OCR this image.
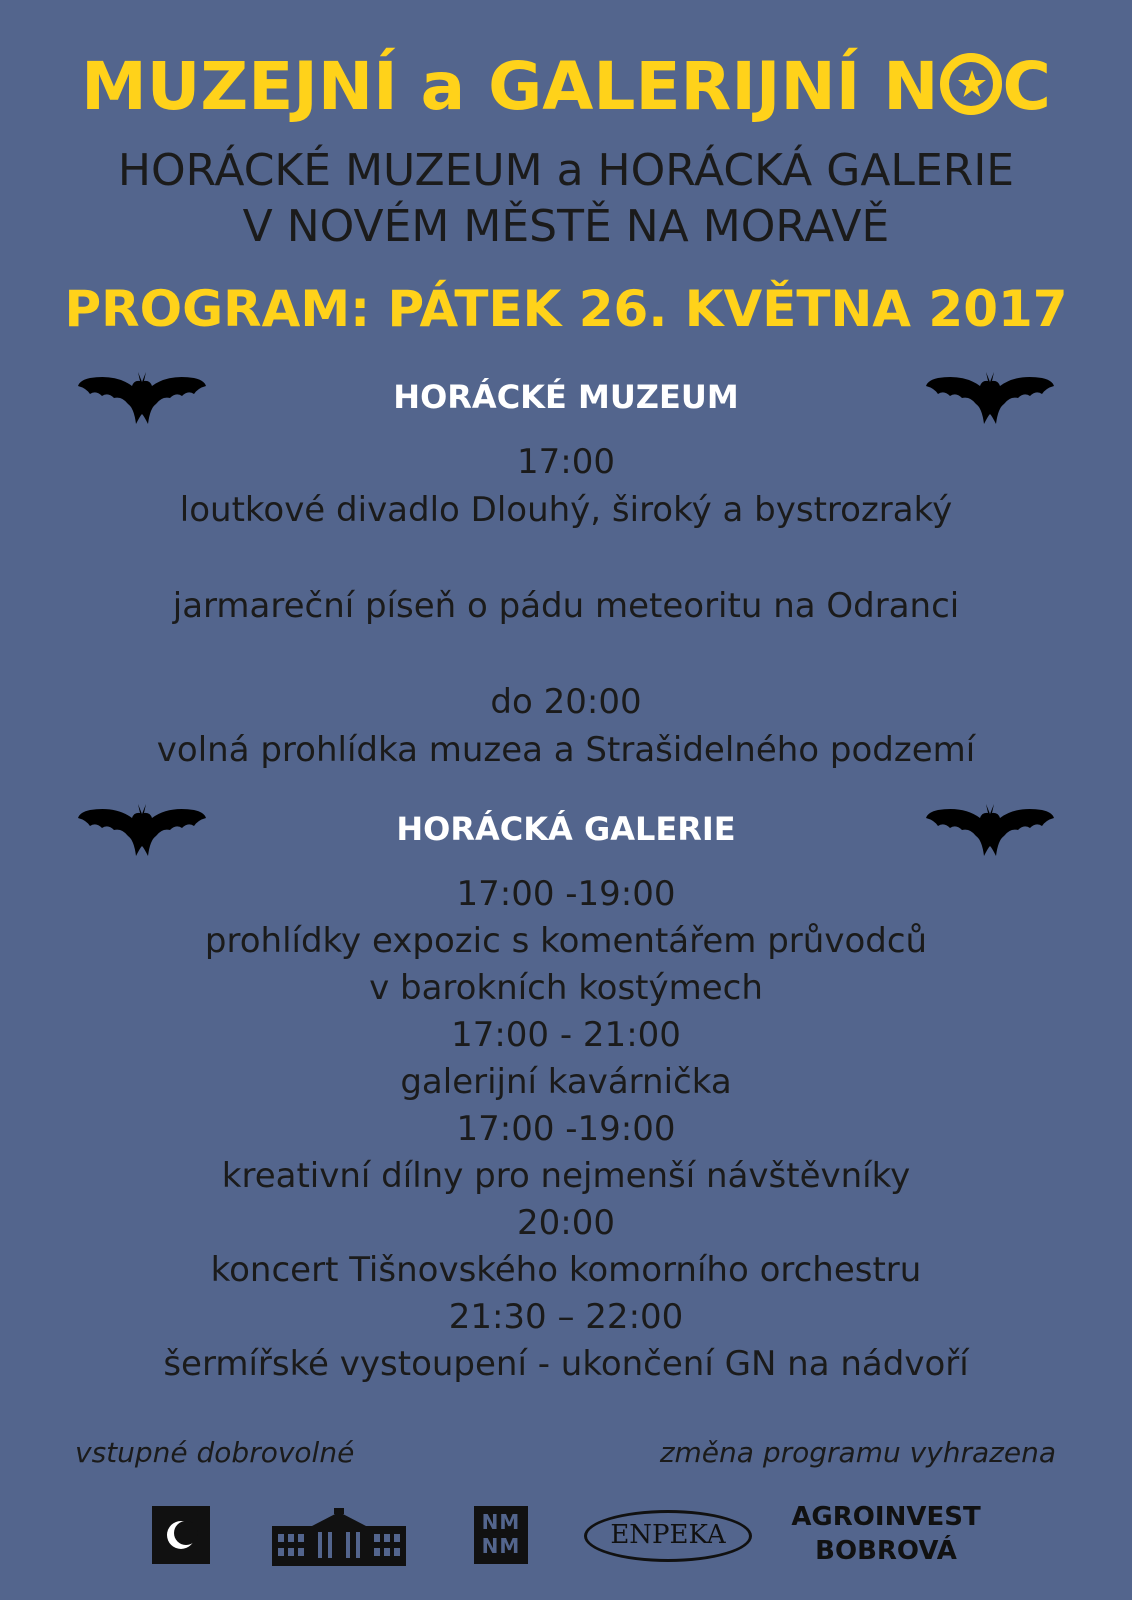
MUZEJNÍ a GALERIJNÍ N C
HORÁCKÉ MUZEUM a HORÁCKÁ GALERIE
V NOVÉM MĚSTĚ NA MORAVĚ
PROGRAM: PÁTEK 26. KVĚTNA 2017
HORÁCKÉ MUZEUM
17:00
loutkové divadlo Dlouhý, široký a bystrozraký
jarmareční píseň o pádu meteoritu na Odranci
do 20:00
volná prohlídka muzea a Strašidelného podzemí
HORÁCKÁ GALERIE
17:00 -19:00
prohlídky expozic s komentářem průvodců
v barokních kostýmech
17:00 - 21:00
galerijní kavárnička
17:00 -19:00
kreativní dílny pro nejmenší návštěvníky
20:00
koncert Tišnovského komorního orchestru
21:30 – 22:00
šermířské vystoupení - ukončení GN na nádvoří
vstupné dobrovolné	změna programu vyhrazena
NM
NM	ENPEKA
AGROINVEST
BOBROVÁ
